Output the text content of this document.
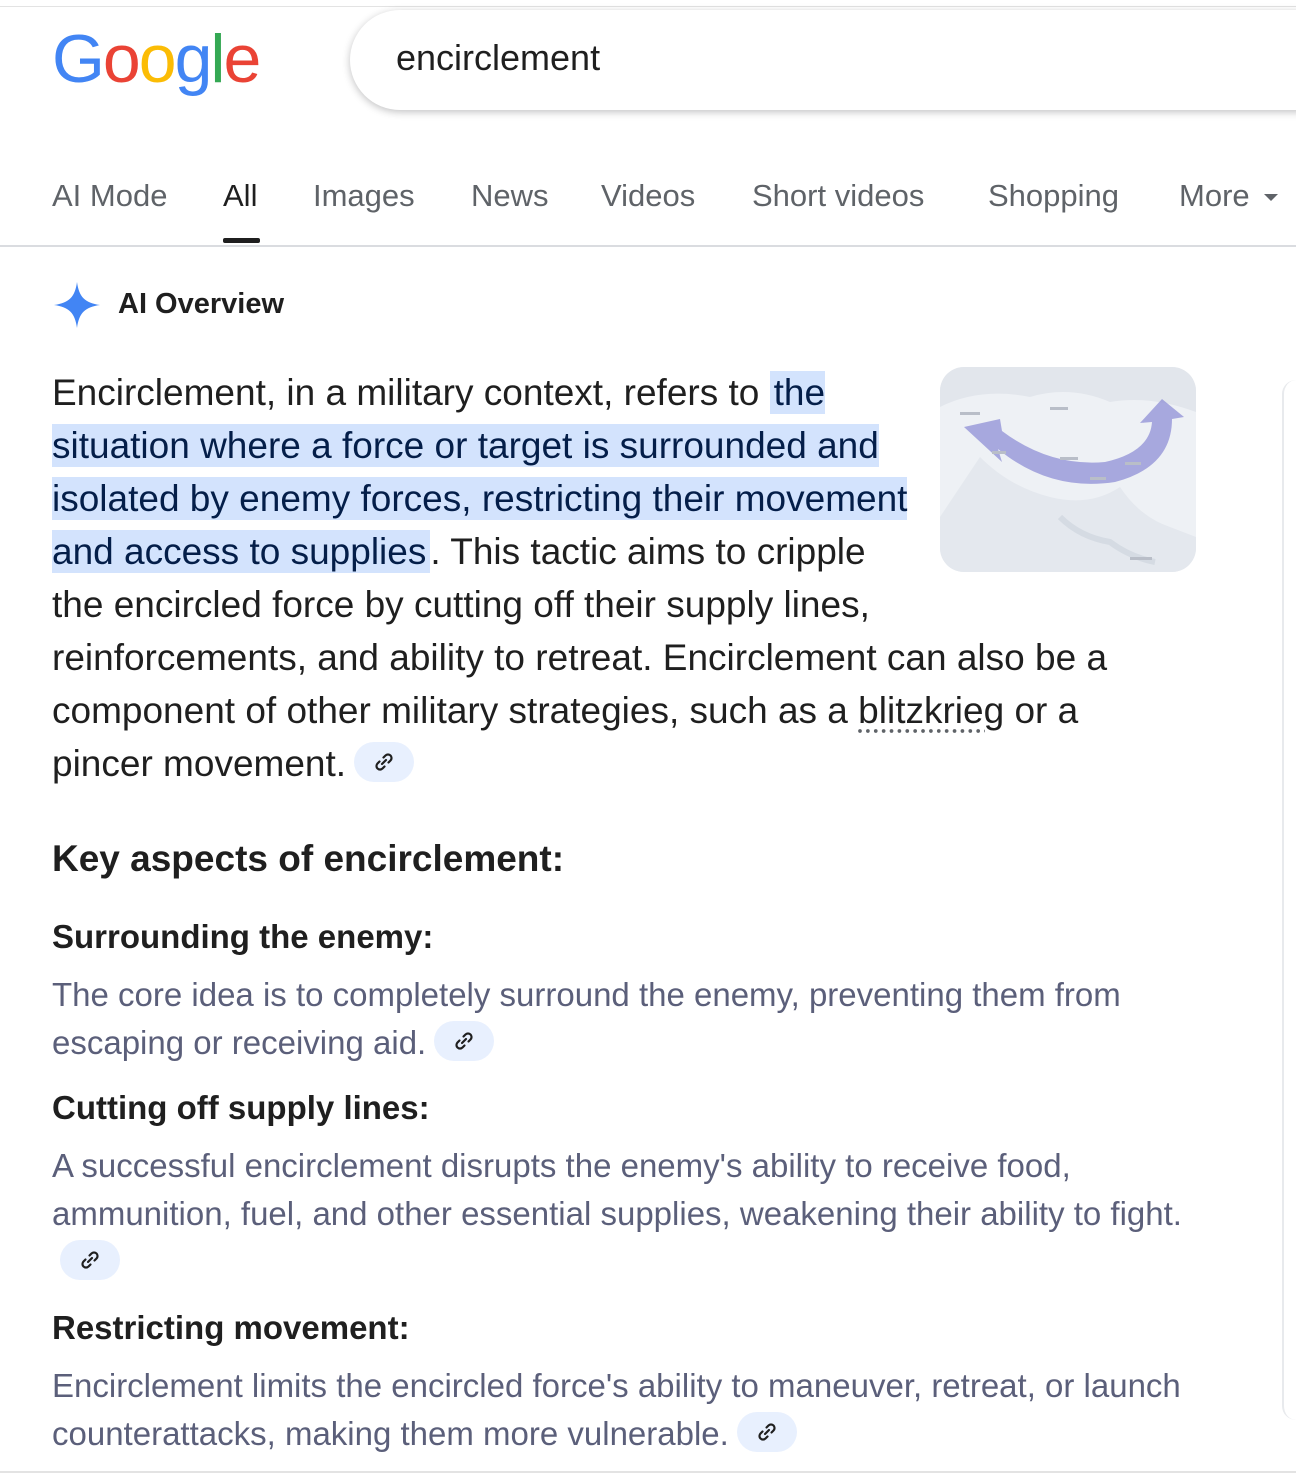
Google
encirclement
AI Mode All Images News Videos Short videos Shopping More
AI Overview
Encirclement, in a military context, refers to the situation where a force or target is surrounded and isolated by enemy forces, restricting their movement and access to supplies . This tactic aims to cripple the encircled force by cutting off their supply lines, reinforcements, and ability to retreat. Encirclement can also be a component of other military strategies, such as a blitzkrieg or a pincer movement.
Key aspects of encirclement:
Surrounding the enemy:
The core idea is to completely surround the enemy, preventing them from escaping or receiving aid.
Cutting off supply lines:
A successful encirclement disrupts the enemy's ability to receive food, ammunition, fuel, and other essential supplies, weakening their ability to fight.
Restricting movement:
Encirclement limits the encircled force's ability to maneuver, retreat, or launch counterattacks, making them more vulnerable.
